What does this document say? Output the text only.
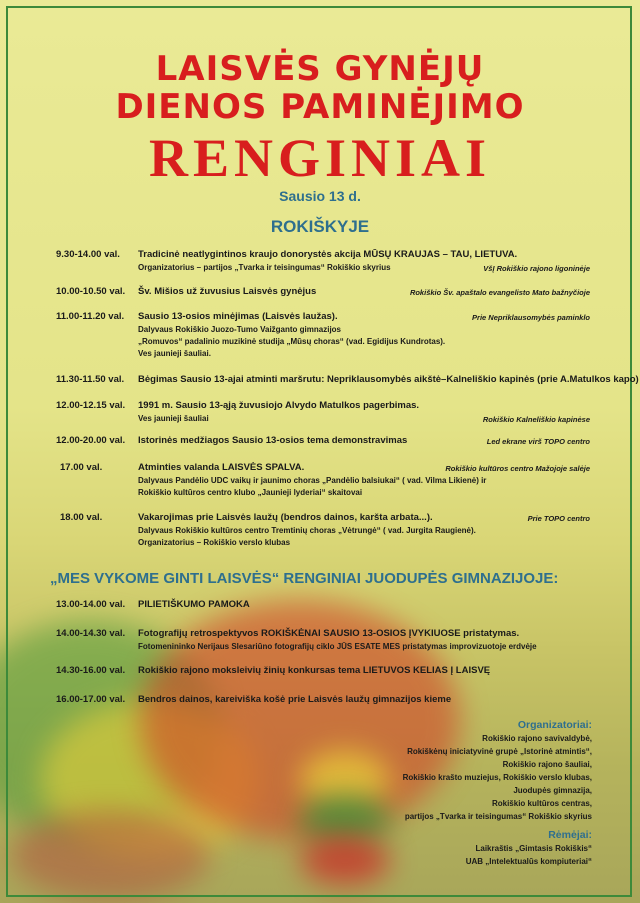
LAISVĖS GYNĖJŲ
DIENOS PAMINĖJIMO
RENGINIAI
Sausio 13 d.
ROKIŠKYJE
9.30-14.00 val. Tradicinė neatlygintinos kraujo donorystės akcija MŪSŲ KRAUJAS – TAU, LIETUVA.
Organizatorius – partijos „Tvarka ir teisingumas“ Rokiškio skyrius	VšĮ Rokiškio rajono ligoninėje
10.00-10.50 val. Šv. Mišios už žuvusius Laisvės gynėjus	Rokiškio Šv. apaštalo evangelisto Mato bažnyčioje
11.00-11.20 val. Sausio 13-osios minėjimas (Laisvės laužas).
Dalyvaus Rokiškio Juozo-Tumo Vaižganto gimnazijos
„Romuvos“ padalinio muzikinė studija „Mūsų choras“ (vad. Egidijus Kundrotas).
Ves jaunieji šauliai.
Prie Nepriklausomybės paminklo
11.30-11.50 val. Bėgimas Sausio 13-ajai atminti maršrutu: Nepriklausomybės aikštė–Kalneliškio kapinės (prie A.Matulkos kapo)
12.00-12.15 val. 1991 m. Sausio 13-ąją žuvusiojo Alvydo Matulkos pagerbimas.
Ves jaunieji šauliai	Rokiškio Kalneliškio kapinėse
12.00-20.00 val. Istorinės medžiagos Sausio 13-osios tema demonstravimas	Led ekrane virš TOPO centro
17.00 val.	Atminties valanda LAISVĖS SPALVA.
Dalyvaus Pandėlio UDC vaikų ir jaunimo choras „Pandėlio balsiukai“ ( vad. Vilma Likienė) ir
Rokiškio kultūros centro klubo „Jaunieji lyderiai“ skaitovai
Rokiškio kultūros centro Mažojoje salėje
18.00 val.	Vakarojimas prie Laisvės laužų (bendros dainos, karšta arbata...).
Dalyvaus Rokiškio kultūros centro Tremtinių choras „Vėtrungė“ ( vad. Jurgita Raugienė).
Organizatorius – Rokiškio verslo klubas
Prie TOPO centro
„MES VYKOME GINTI LAISVĖS“ RENGINIAI JUODUPĖS GIMNAZIJOJE:
13.00-14.00 val. PILIETIŠKUMO PAMOKA
14.00-14.30 val. Fotografijų retrospektyvos ROKIŠKĖNAI SAUSIO 13-OSIOS ĮVYKIUOSE pristatymas.
Fotomenininko Nerijaus Slesariūno fotografijų ciklo JŪS ESATE MES pristatymas improvizuotoje erdvėje
14.30-16.00 val. Rokiškio rajono moksleivių žinių konkursas tema LIETUVOS KELIAS Į LAISVĘ
16.00-17.00 val. Bendros dainos, kareiviška košė prie Laisvės laužų gimnazijos kieme
Organizatoriai:
Rokiškio rajono savivaldybė,
Rokiškėnų iniciatyvinė grupė „Istorinė atmintis“,
Rokiškio rajono šauliai,
Rokiškio krašto muziejus, Rokiškio verslo klubas,
Juodupės gimnazija,
Rokiškio kultūros centras,
partijos „Tvarka ir teisingumas“ Rokiškio skyrius
Rėmėjai:
Laikraštis „Gimtasis Rokiškis“
UAB „Intelektualūs kompiuteriai“
